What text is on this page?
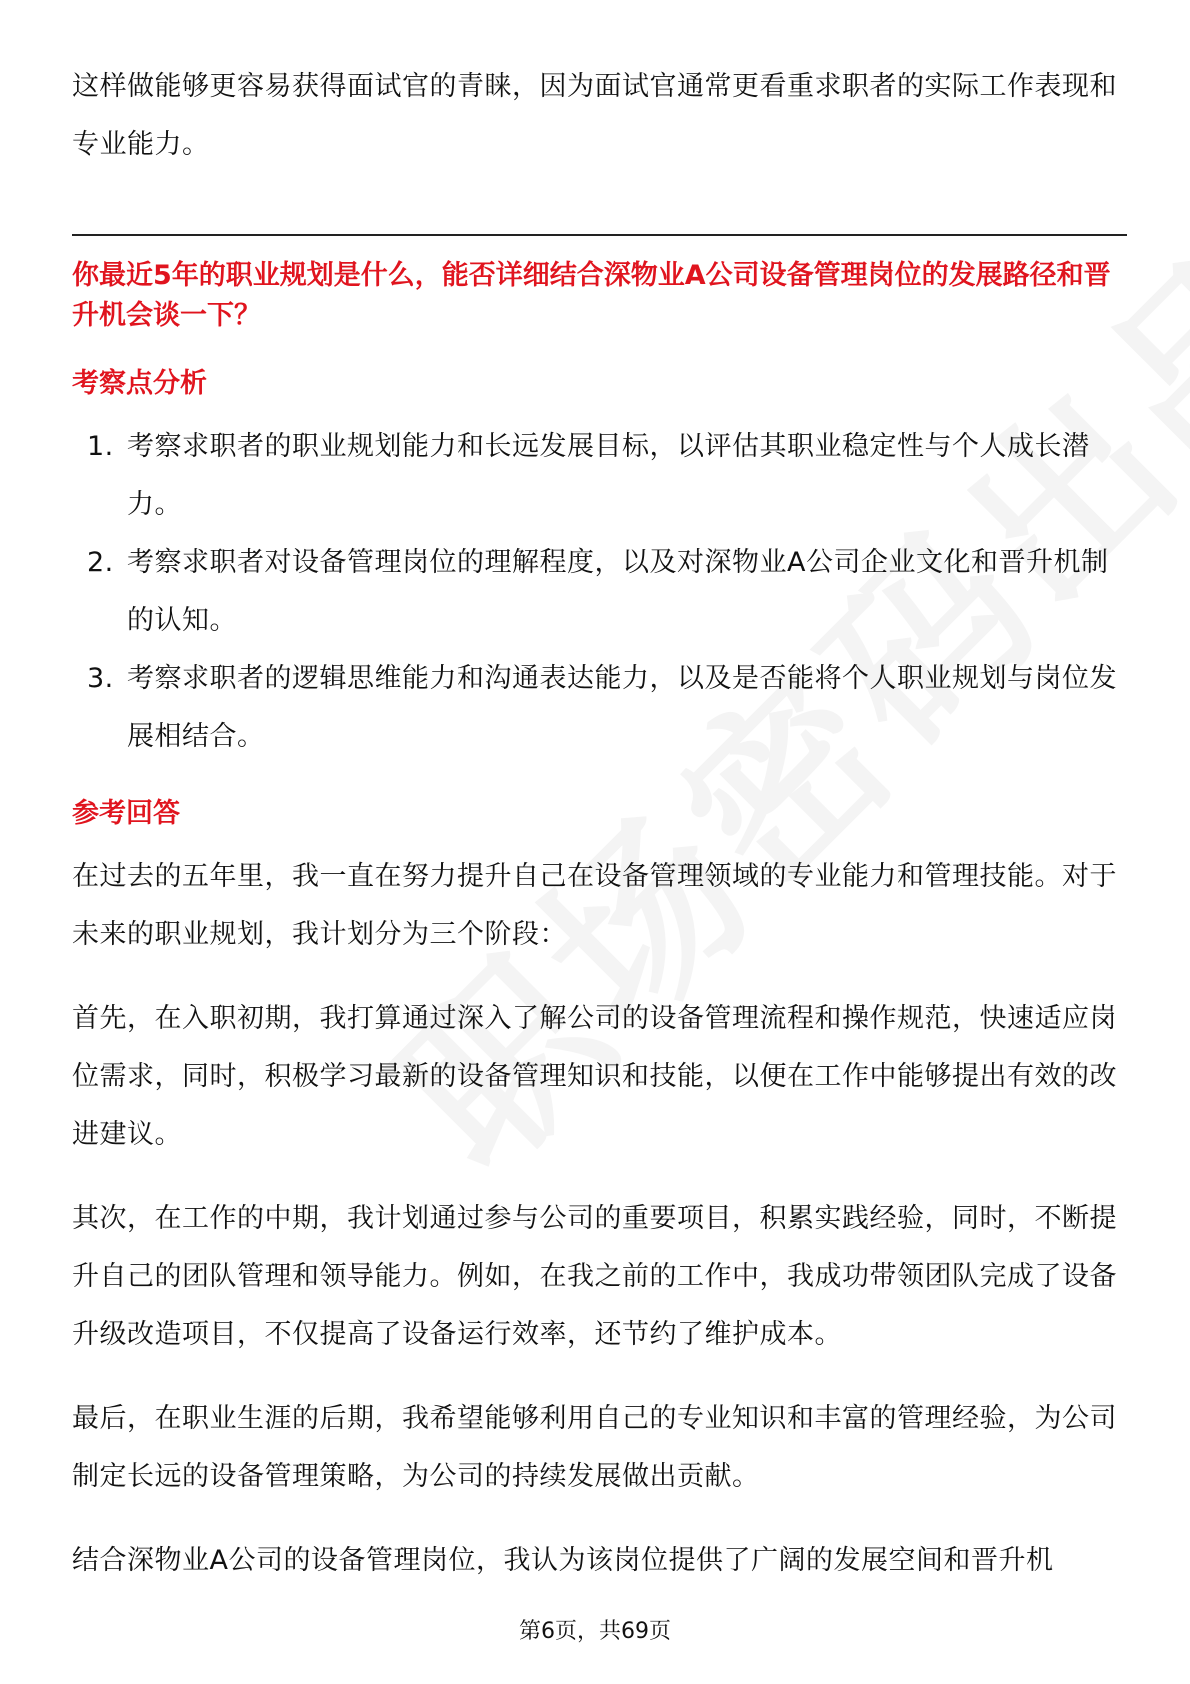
这样做能够更容易获得面试官的青睐，因为面试官通常更看重求职者的实际工作表现和专业能力。

你最近5年的职业规划是什么，能否详细结合深物业A公司设备管理岗位的发展路径和晋升机会谈一下？

考察点分析
1. 考察求职者的职业规划能力和长远发展目标，以评估其职业稳定性与个人成长潜力。
2. 考察求职者对设备管理岗位的理解程度，以及对深物业A公司企业文化和晋升机制的认知。
3. 考察求职者的逻辑思维能力和沟通表达能力，以及是否能将个人职业规划与岗位发展相结合。
参考回答

在过去的五年里，我一直在努力提升自己在设备管理领域的专业能力和管理技能。对于未来的职业规划，我计划分为三个阶段：

首先，在入职初期，我打算通过深入了解公司的设备管理流程和操作规范，快速适应岗位需求，同时，积极学习最新的设备管理知识和技能，以便在工作中能够提出有效的改进建议。

其次，在工作的中期，我计划通过参与公司的重要项目，积累实践经验，同时，不断提升自己的团队管理和领导能力。例如，在我之前的工作中，我成功带领团队完成了设备升级改造项目，不仅提高了设备运行效率，还节约了维护成本。

最后，在职业生涯的后期，我希望能够利用自己的专业知识和丰富的管理经验，为公司制定长远的设备管理策略，为公司的持续发展做出贡献。

结合深物业A公司的设备管理岗位，我认为该岗位提供了广阔的发展空间和晋升机

第6页，共69页
